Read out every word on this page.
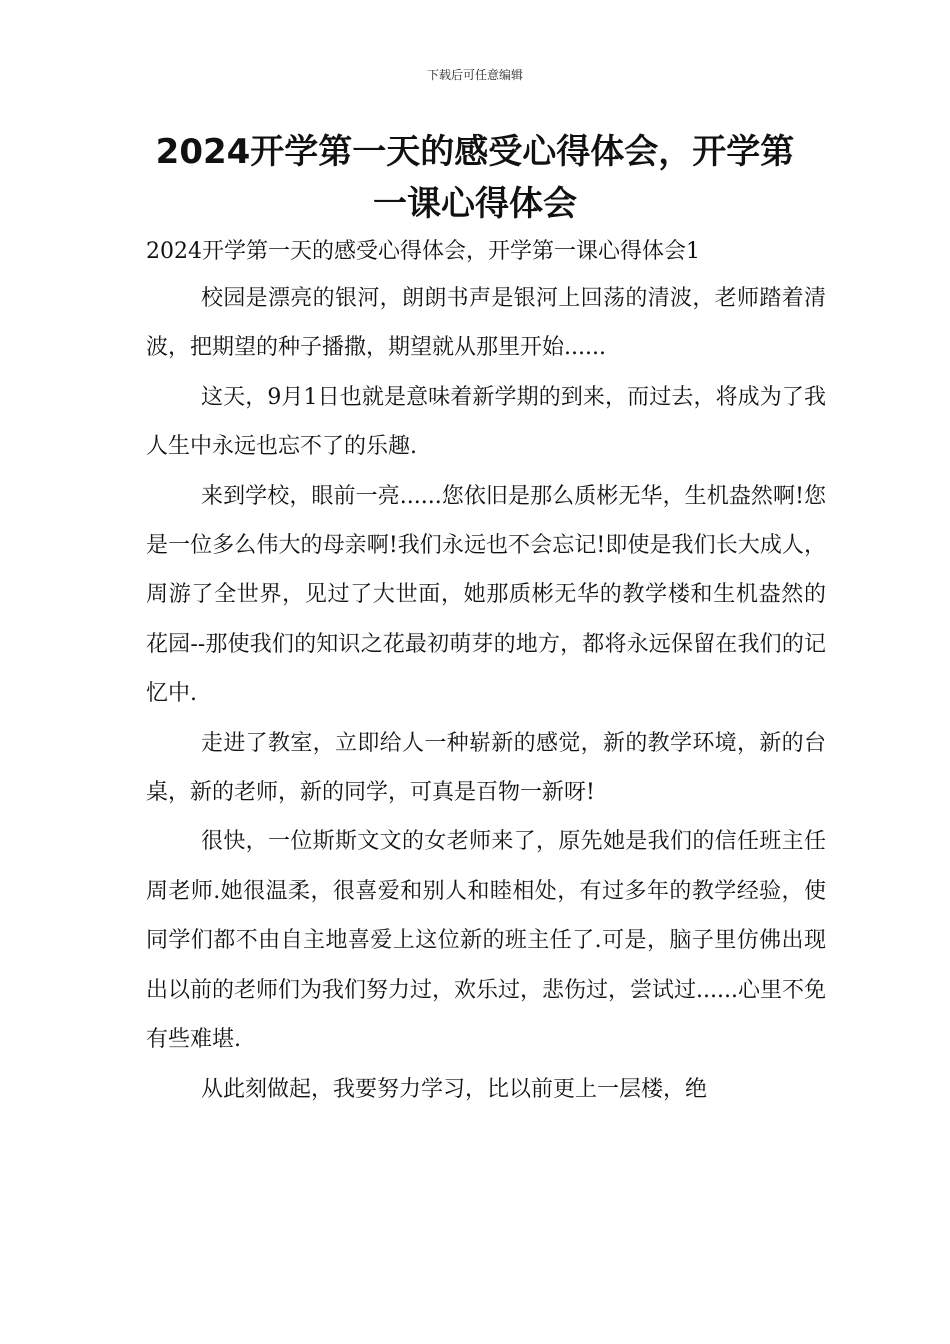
下载后可任意编辑
2024开学第一天的感受心得体会，开学第一课心得体会

2024开学第一天的感受心得体会，开学第一课心得体会1

校园是漂亮的银河，朗朗书声是银河上回荡的清波，老师踏着清波，把期望的种子播撒，期望就从那里开始......

这天，9月1日也就是意味着新学期的到来，而过去，将成为了我人生中永远也忘不了的乐趣.

来到学校，眼前一亮......您依旧是那么质彬无华，生机盎然啊!您是一位多么伟大的母亲啊!我们永远也不会忘记!即使是我们长大成人，周游了全世界，见过了大世面，她那质彬无华的教学楼和生机盎然的花园--那使我们的知识之花最初萌芽的地方，都将永远保留在我们的记忆中.

走进了教室，立即给人一种崭新的感觉，新的教学环境，新的台桌，新的老师，新的同学，可真是百物一新呀!

很快，一位斯斯文文的女老师来了，原先她是我们的信任班主任周老师.她很温柔，很喜爱和别人和睦相处，有过多年的教学经验，使同学们都不由自主地喜爱上这位新的班主任了.可是，脑子里仿佛出现出以前的老师们为我们努力过，欢乐过，悲伤过，尝试过......心里不免有些难堪.

从此刻做起，我要努力学习，比以前更上一层楼，绝
